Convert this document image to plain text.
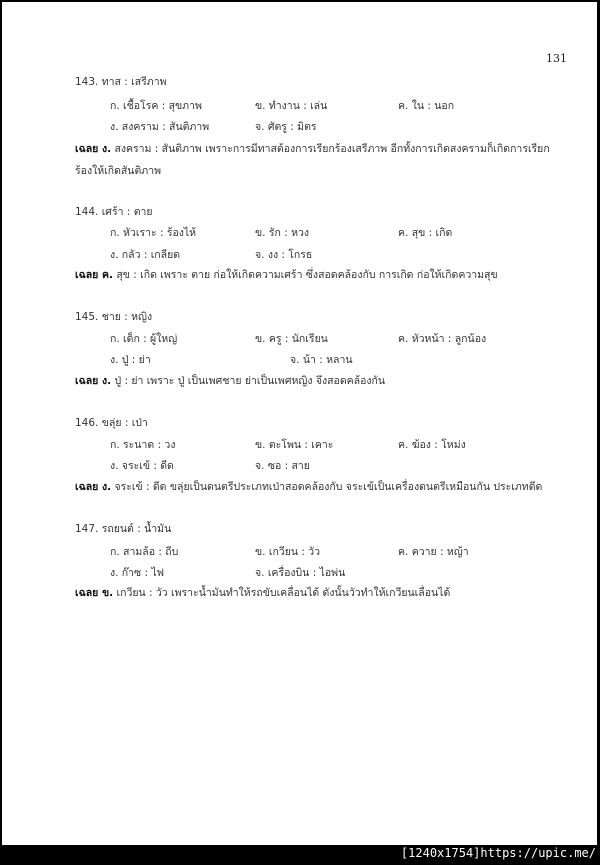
131
143. ทาส : เสรีภาพ
ก. เชื้อโรค : สุขภาพ	ข. ทำงาน : เล่น	ค. ใน : นอก
ง. สงคราม : สันติภาพ	จ. ศัตรู : มิตร
เฉลย ง. สงคราม : สันติภาพ เพราะการมีทาสต้องการเรียกร้องเสรีภาพ อีกทั้งการเกิดสงครามก็เกิดการเรียกร้องให้เกิดสันติภาพ
144. เศร้า : ตาย
ก. หัวเราะ : ร้องไห้	ข. รัก : หวง	ค. สุข : เกิด
ง. กลัว : เกลียด	จ. งง : โกรธ
เฉลย ค. สุข : เกิด เพราะ ตาย ก่อให้เกิดความเศร้า ซึ่งสอดคล้องกับ การเกิด ก่อให้เกิดความสุข
145. ชาย : หญิง
ก. เด็ก : ผู้ใหญ่	ข. ครู : นักเรียน	ค. หัวหน้า : ลูกน้อง
ง. ปู่ : ย่า	จ. น้า : หลาน
เฉลย ง. ปู่ : ย่า เพราะ ปู่ เป็นเพศชาย ย่าเป็นเพศหญิง จึงสอดคล้องกัน
146. ขลุ่ย : เป่า
ก. ระนาด : วง	ข. ตะโพน : เคาะ	ค. ฆ้อง : โหม่ง
ง. จระเข้ : ดีด	จ. ซอ : สาย
เฉลย ง. จระเข้ : ดีด ขลุ่ยเป็นดนตรีประเภทเป่าสอดคล้องกับ จระเข้เป็นเครื่องดนตรีเหมือนกัน ประเภทดีด
147. รถยนต์ : น้ำมัน
ก. สามล้อ : ถีบ	ข. เกวียน : วัว	ค. ควาย : หญ้า
ง. ก๊าซ : ไฟ	จ. เครื่องบิน : ไอพ่น
เฉลย ข. เกวียน : วัว เพราะน้ำมันทำให้รถขับเคลื่อนได้ ดังนั้นวัวทำให้เกวียนเลื่อนได้
[1240x1754]https://upic.me/
